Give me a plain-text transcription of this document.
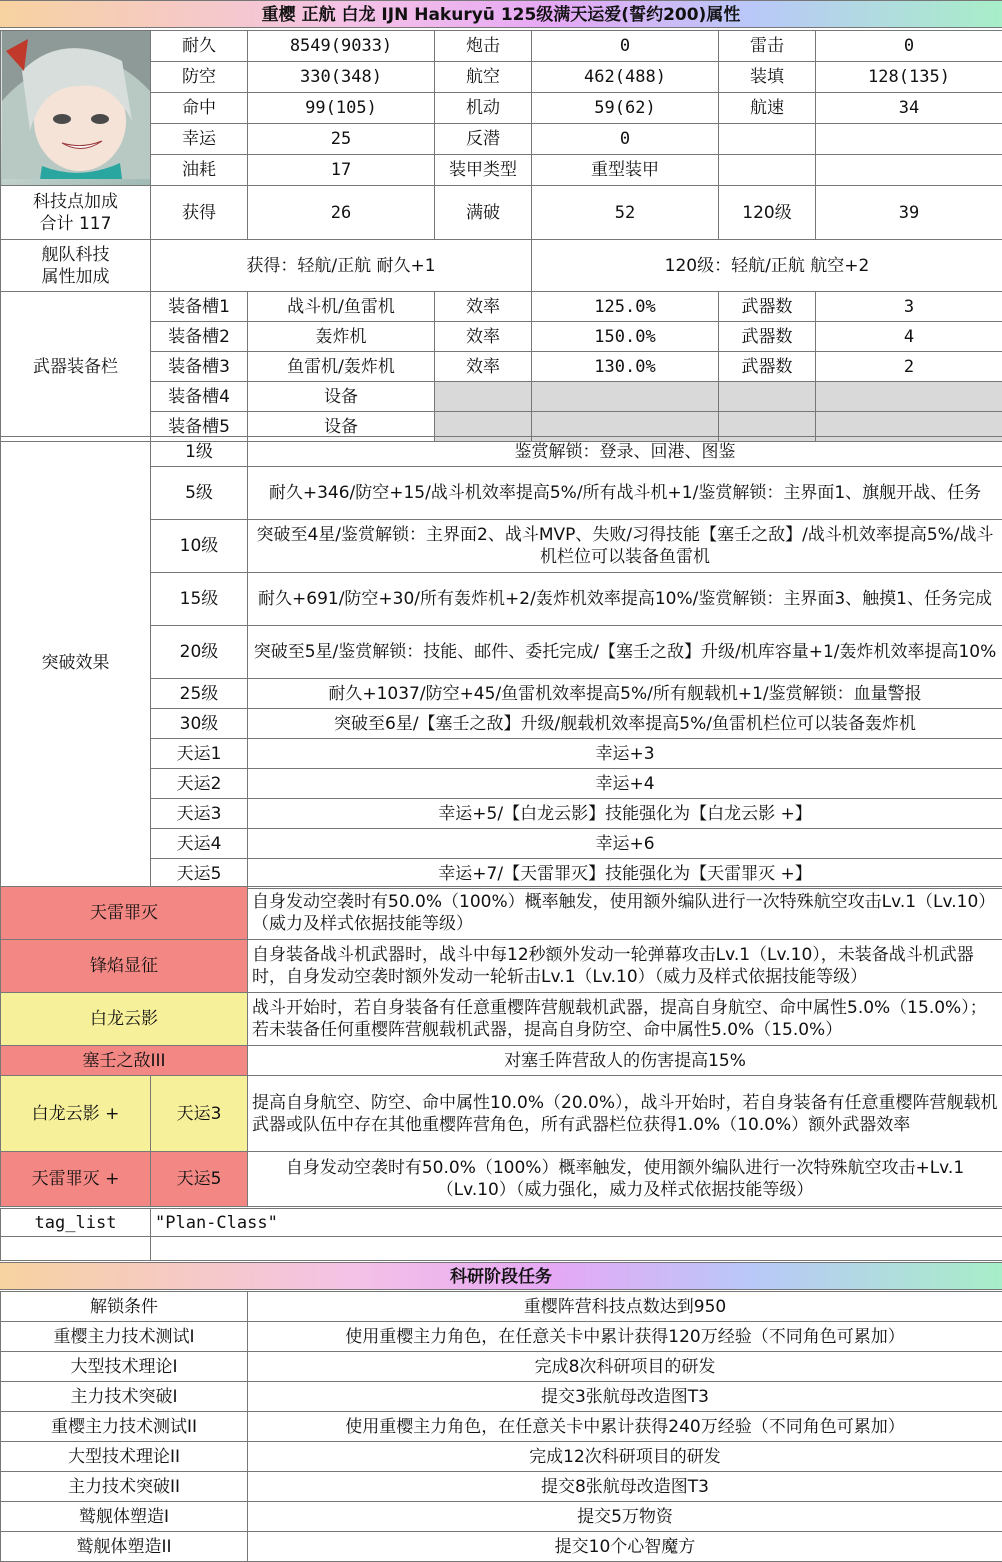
重樱 正航 白龙 IJN Hakuryū 125级满天运爱(誓约200)属性
	耐久	8549(9033)	炮击	0	雷击	0
	防空	330(348)	航空	462(488)	装填	128(135)
	命中	99(105)	机动	59(62)	航速	34
	幸运	25	反潜	0		
	油耗	17	装甲类型	重型装甲		
科技点加成
合计 117	获得	26	满破	52	120级	39
舰队科技
属性加成	获得：轻航/正航 耐久+1			120级：轻航/正航 航空+2		
武器装备栏	装备槽1	战斗机/鱼雷机	效率	125.0%	武器数	3
	装备槽2	轰炸机	效率	150.0%	武器数	4
	装备槽3	鱼雷机/轰炸机	效率	130.0%	武器数	2
	装备槽4	设备				
	装备槽5	设备				
突破效果	1级	鉴赏解锁：登录、回港、图鉴
	5级	耐久+346/防空+15/战斗机效率提高5%/所有战斗机+1/鉴赏解锁：主界面1、旗舰开战、任务
	10级	突破至4星/鉴赏解锁：主界面2、战斗MVP、失败/习得技能【塞壬之敌】/战斗机效率提高5%/战斗机栏位可以装备鱼雷机
	15级	耐久+691/防空+30/所有轰炸机+2/轰炸机效率提高10%/鉴赏解锁：主界面3、触摸1、任务完成
	20级	突破至5星/鉴赏解锁：技能、邮件、委托完成/【塞壬之敌】升级/机库容量+1/轰炸机效率提高10%
	25级	耐久+1037/防空+45/鱼雷机效率提高5%/所有舰载机+1/鉴赏解锁：血量警报
	30级	突破至6星/【塞壬之敌】升级/舰载机效率提高5%/鱼雷机栏位可以装备轰炸机
	天运1	幸运+3
	天运2	幸运+4
	天运3	幸运+5/【白龙云影】技能强化为【白龙云影 +】
	天运4	幸运+6
	天运5	幸运+7/【天雷罪灭】技能强化为【天雷罪灭 +】
天雷罪灭		自身发动空袭时有50.0%（100%）概率触发，使用额外编队进行一次特殊航空攻击Lv.1（Lv.10）（威力及样式依据技能等级）
锋焰显征		自身装备战斗机武器时，战斗中每12秒额外发动一轮弹幕攻击Lv.1（Lv.10），未装备战斗机武器时，自身发动空袭时额外发动一轮斩击Lv.1（Lv.10）（威力及样式依据技能等级）
白龙云影		战斗开始时，若自身装备有任意重樱阵营舰载机武器，提高自身航空、命中属性5.0%（15.0%）；若未装备任何重樱阵营舰载机武器，提高自身防空、命中属性5.0%（15.0%）
塞壬之敌III		对塞壬阵营敌人的伤害提高15%
白龙云影 +	天运3	提高自身航空、防空、命中属性10.0%（20.0%），战斗开始时，若自身装备有任意重樱阵营舰载机武器或队伍中存在其他重樱阵营角色，所有武器栏位获得1.0%（10.0%）额外武器效率
天雷罪灭 +	天运5	自身发动空袭时有50.0%（100%）概率触发，使用额外编队进行一次特殊航空攻击+Lv.1（Lv.10）（威力强化，威力及样式依据技能等级）
tag_list	"Plan-Class"

科研阶段任务
解锁条件	重樱阵营科技点数达到950
重樱主力技术测试I	使用重樱主力角色，在任意关卡中累计获得120万经验（不同角色可累加）
大型技术理论I	完成8次科研项目的研发
主力技术突破I	提交3张航母改造图T3
重樱主力技术测试II	使用重樱主力角色，在任意关卡中累计获得240万经验（不同角色可累加）
大型技术理论II	完成12次科研项目的研发
主力技术突破II	提交8张航母改造图T3
鹫舰体塑造I	提交5万物资
鹫舰体塑造II	提交10个心智魔方
